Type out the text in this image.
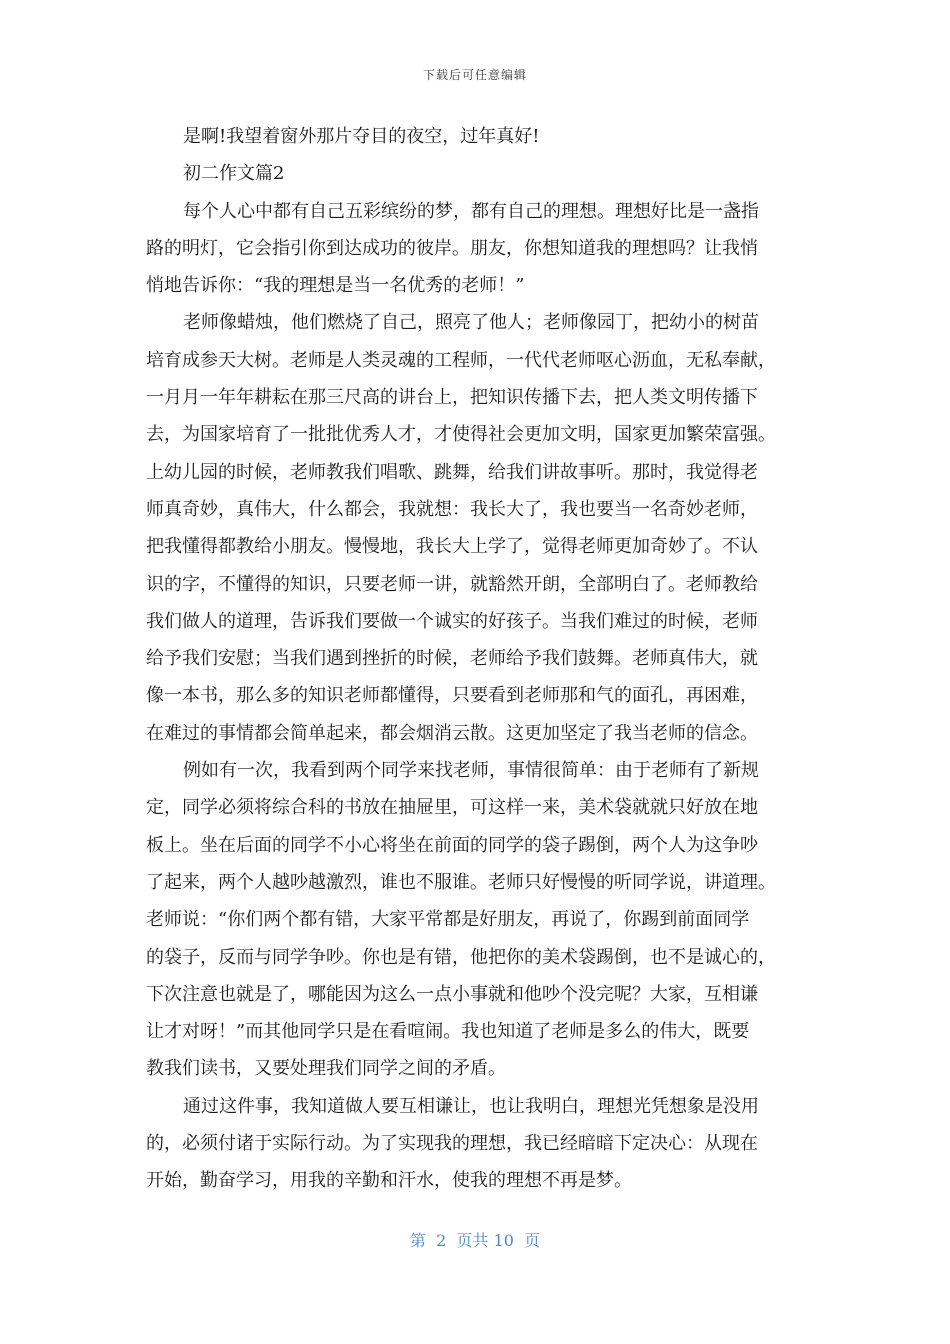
下载后可任意编辑
是啊!我望着窗外那片夺目的夜空，过年真好!
初二作文篇2
每个人心中都有自己五彩缤纷的梦，都有自己的理想。理想好比是一盏指
路的明灯，它会指引你到达成功的彼岸。朋友，你想知道我的理想吗？让我悄
悄地告诉你：“我的理想是当一名优秀的老师！”
老师像蜡烛，他们燃烧了自己，照亮了他人；老师像园丁，把幼小的树苗
培育成参天大树。老师是人类灵魂的工程师，一代代老师呕心沥血，无私奉献，
一月月一年年耕耘在那三尺高的讲台上，把知识传播下去，把人类文明传播下
去，为国家培育了一批批优秀人才，才使得社会更加文明，国家更加繁荣富强。
上幼儿园的时候，老师教我们唱歌、跳舞，给我们讲故事听。那时，我觉得老
师真奇妙，真伟大，什么都会，我就想：我长大了，我也要当一名奇妙老师，
把我懂得都教给小朋友。慢慢地，我长大上学了，觉得老师更加奇妙了。不认
识的字，不懂得的知识，只要老师一讲，就豁然开朗，全部明白了。老师教给
我们做人的道理，告诉我们要做一个诚实的好孩子。当我们难过的时候，老师
给予我们安慰；当我们遇到挫折的时候，老师给予我们鼓舞。老师真伟大，就
像一本书，那么多的知识老师都懂得，只要看到老师那和气的面孔，再困难，
在难过的事情都会简单起来，都会烟消云散。这更加坚定了我当老师的信念。
例如有一次，我看到两个同学来找老师，事情很简单：由于老师有了新规
定，同学必须将综合科的书放在抽屉里，可这样一来，美术袋就就只好放在地
板上。坐在后面的同学不小心将坐在前面的同学的袋子踢倒，两个人为这争吵
了起来，两个人越吵越激烈，谁也不服谁。老师只好慢慢的听同学说，讲道理。
老师说：“你们两个都有错，大家平常都是好朋友，再说了，你踢到前面同学
的袋子，反而与同学争吵。你也是有错，他把你的美术袋踢倒，也不是诚心的，
下次注意也就是了，哪能因为这么一点小事就和他吵个没完呢？大家，互相谦
让才对呀！”而其他同学只是在看喧闹。我也知道了老师是多么的伟大，既要
教我们读书，又要处理我们同学之间的矛盾。
通过这件事，我知道做人要互相谦让，也让我明白，理想光凭想象是没用
的，必须付诸于实际行动。为了实现我的理想，我已经暗暗下定决心：从现在
开始，勤奋学习，用我的辛勤和汗水，使我的理想不再是梦。
第  2  页共 10  页
